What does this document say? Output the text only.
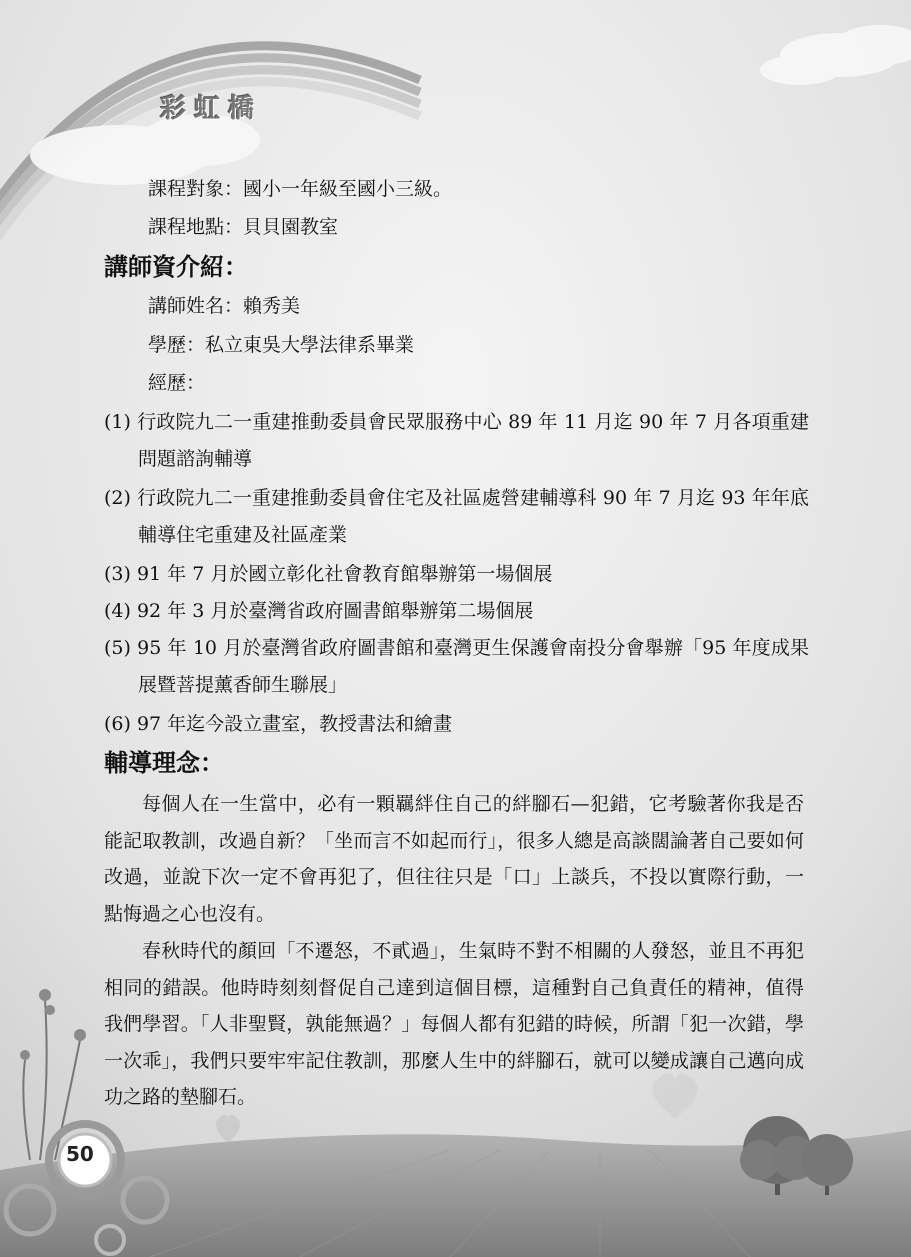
彩虹橋
課程對象：國小一年級至國小三級。
課程地點：貝貝園教室
講師資介紹：
講師姓名：賴秀美
學歷：私立東吳大學法律系畢業
經歷：
(1) 行政院九二一重建推動委員會民眾服務中心 89 年 11 月迄 90 年 7 月各項重建問題諮詢輔導
(2) 行政院九二一重建推動委員會住宅及社區處營建輔導科 90 年 7 月迄 93 年年底輔導住宅重建及社區產業
(3) 91 年 7 月於國立彰化社會教育館舉辦第一場個展
(4) 92 年 3 月於臺灣省政府圖書館舉辦第二場個展
(5) 95 年 10 月於臺灣省政府圖書館和臺灣更生保護會南投分會舉辦「95 年度成果展暨菩提薰香師生聯展」
(6) 97 年迄今設立畫室，教授書法和繪畫
輔導理念：
每個人在一生當中，必有一顆羈絆住自己的絆腳石—犯錯，它考驗著你我是否能記取教訓，改過自新？「坐而言不如起而行」，很多人總是高談闊論著自己要如何改過，並說下次一定不會再犯了，但往往只是「口」上談兵，不投以實際行動，一點悔過之心也沒有。
春秋時代的顏回「不遷怒，不貳過」，生氣時不對不相關的人發怒，並且不再犯相同的錯誤。他時時刻刻督促自己達到這個目標，這種對自己負責任的精神，值得我們學習。「人非聖賢，孰能無過？」每個人都有犯錯的時候，所謂「犯一次錯，學一次乖」，我們只要牢牢記住教訓，那麼人生中的絆腳石，就可以變成讓自己邁向成功之路的墊腳石。
50
